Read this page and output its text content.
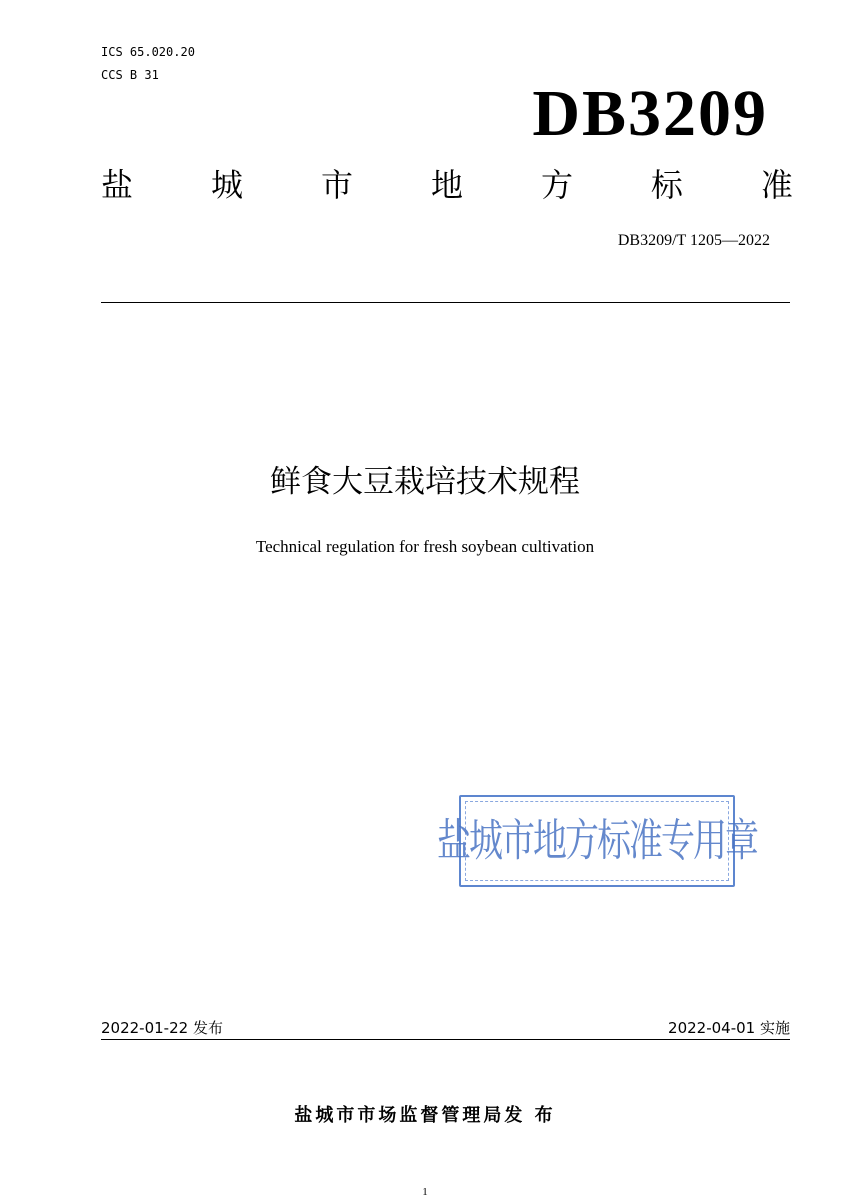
ICS 65.020.20
CCS B 31
DB3209
盐 城 市 地 方 标 准
DB3209/T 1205—2022
鲜食大豆栽培技术规程
Technical regulation for fresh soybean cultivation
盐城市地方标准专用章
2022-01-22 发布	2022-04-01 实施
盐城市市场监督管理局发 布
1
